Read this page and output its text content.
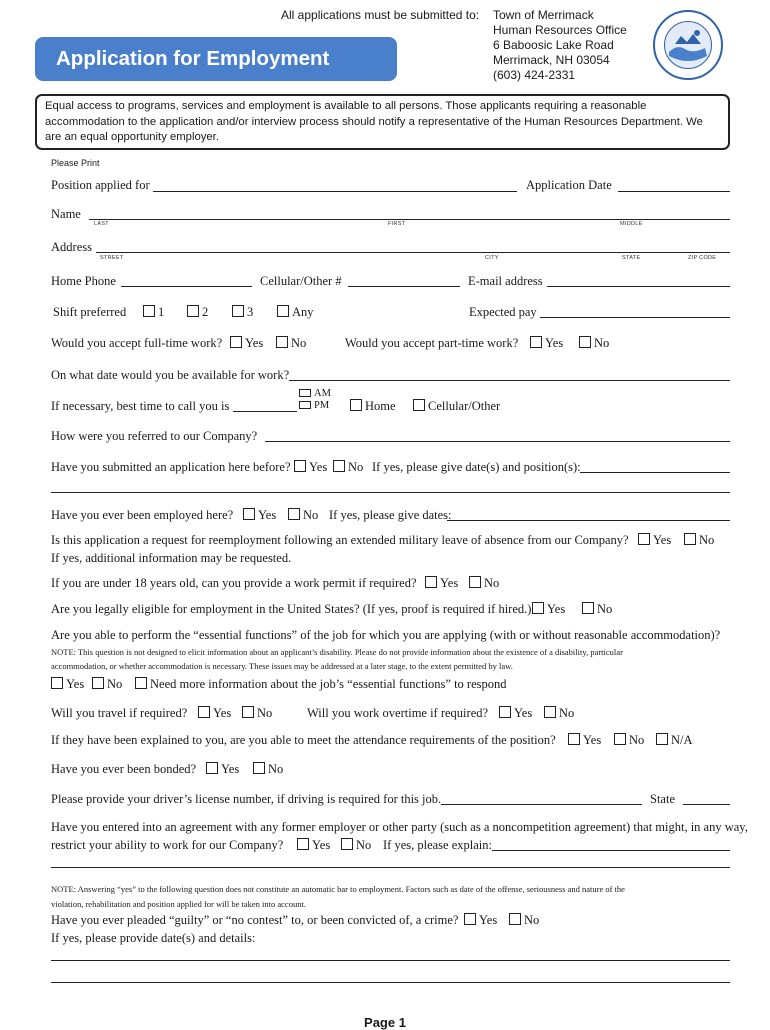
All applications must be submitted to: Town of Merrimack
Human Resources Office
6 Baboosic Lake Road
Merrimack, NH 03054
(603) 424-2331
Application for Employment
Equal access to programs, services and employment is available to all persons. Those applicants requiring a reasonable accommodation to the application and/or interview process should notify a representative of the Human Resources Department. We are an equal opportunity employer.
Please Print
Position applied for	Application Date
Name
LAST	FIRST	MIDDLE
Address
STREET	CITY	STATE	ZIP CODE
Home Phone	Cellular/Other #	E-mail address
Shift preferred	1	2	3	Any	Expected pay
Would you accept full-time work?	Yes	No	Would you accept part-time work?	Yes	No
On what date would you be available for work?
If necessary, best time to call you is
AM
PM	Home	Cellular/Other
How were you referred to our Company?
Have you submitted an application here before?	Yes	No If yes, please give date(s) and position(s):
Have you ever been employed here?	Yes	No If yes, please give dates:
Is this application a request for reemployment following an extended military leave of absence from our Company?	Yes	No
If yes, additional information may be requested.
If you are under 18 years old, can you provide a work permit if required?	Yes	No
Are you legally eligible for employment in the United States? (If yes, proof is required if hired.)	Yes	No
Are you able to perform the “essential functions” of the job for which you are applying (with or without reasonable accommodation)?
NOTE: This question is not designed to elicit information about an applicant’s disability. Please do not provide information about the existence of a disability, particular
accommodation, or whether accommodation is necessary. These issues may be addressed at a later stage, to the extent permitted by law.
Yes	No	Need more information about the job’s “essential functions” to respond
Will you travel if required?	Yes	No	Will you work overtime if required?	Yes	No
If they have been explained to you, are you able to meet the attendance requirements of the position?	Yes	No	N/A
Have you ever been bonded?	Yes	No
Please provide your driver’s license number, if driving is required for this job.	State
Have you entered into an agreement with any former employer or other party (such as a noncompetition agreement) that might, in any way,
restrict your ability to work for our Company?	Yes	No If yes, please explain:
NOTE: Answering “yes” to the following question does not constitute an automatic bar to employment. Factors such as date of the offense, seriousness and nature of the
violation, rehabilitation and position applied for will be taken into account.
Have you ever pleaded “guilty” or “no contest” to, or been convicted of, a crime?	Yes	No
If yes, please provide date(s) and details:
Page 1
